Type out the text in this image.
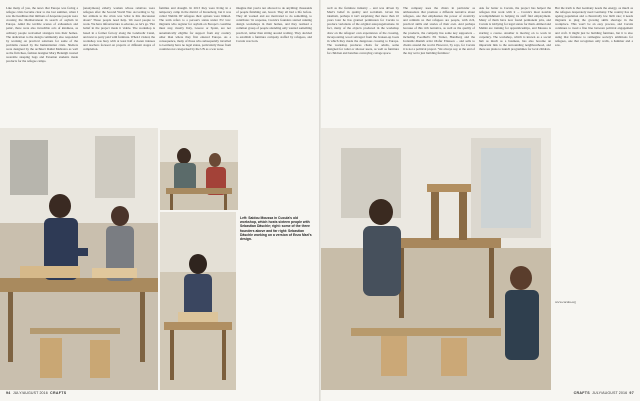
Like many of you, the news that Europe was facing a refugee crisis became clear to me last summer, when I saw the headlines that millions of desperate people were crossing the Mediterranean in search of asylum in Europe. Amid the terrible scenes of exhaustion and panic, there were also incredible acts of kindness, as ordinary people welcomed strangers into their homes. The dedication to the design community also responded by working on practical solutions for some of the problems caused by the humanitarian crisis. Shelters were designed by the architect Rahul Mehrotra as well as the firm Ikea, fashion designer Mary Hennigh created wearable sleeping bags and Estonian students made products for the refugee camps.

(anonymous) elderly woman whose relatives were refugees after the Second World War. According to Sy, her attitude to the crisis was 'what is this discussion about? Those people need help. We need people to work. We have infrastructure to educate, so let's go.' Her belief in the project made it viable. The workshop is based in a former factory along the Landwehr Canal, and next to party paid with furniture. When I visited, the workshop was busy with at least half a dozen trainees and teachers focused on projects at different stages of completion.

families and drought. In 2013 they were living in a temporary camp in the district of Kreuzberg, but it was called 'Dublin III' refugees their options were limited. The term refers to a person's status under EU law: migrants who register for asylum on Europe's coastline must stay, mostly Italy, Greece or Spain, are not automatically eligible for support from any country other than where they first entered Europe. As a consequence, many of those who subsequently travelled to Germany have no legal status, particularly those from countries not categorised by the UN as a war zone.

imagine that you're not allowed to do anything: thousands of people finishing out, bored. They all had a life before. They all worked and are motivated to do something, to contribute.' In response, Cucula's founders started running design workshops in their homes, and they realised a common group of people attending only wanted something practical, rather than sitting around waiting. They decided to establish a furniture company staffed by refugees, and Cucula was born.

Left: Saidou Moussa in Cucula's old workshop, which hosts sixteen people with Sebastian Däschle; right: some of the three founders above and far right: Sebastian Däschle working on a version of Enzo Mari's design.
94 JULY/AUGUST 2016 CRAFTS

well as the furniture industry – and was driven by Mari's belief in quality and socialism. Given his idealism, perhaps it isn't surprising that more than 10 years later he has granted permission for Cucula to produce variations of the original autoprogettazione. In fact, many of the objects produced in the workshop draw on the refugees' own experiences of the crossing, incorporating wood salvaged from the broken-up boats in which they made the dangerous crossing to Europe. The workshop produces chairs for adults, some designed for toilet or shower users, as well as furniture for children and benches conveying cottage space.

The company uses the chairs in particular as ambassadors that promote a different narrative about refugees, one that emphasises the power of creativity and reminds us that refugees are people, with rich, practical skills and stories of their own. And perhaps because of this rich narrative, as well as the quality of the products, the company has some key supporters – including Foodhub's Eli Turner, Handberg and the Icelandic-Danish artist Olafur Eliasson – and sells to clients around the world. However, Sy says, for Cucula it is not a political project. 'We always say, at the end of the day we're just building furniture.'

Ask for better to Cucula, the project has helped the refugees that work with it ... Cucula's most notable accomplishment is helping its staff find employment. Many of them have now found permanent jobs, and Cucula is lobbying for legal status for them. Ahmed and Maliki are training for apprenticeships, and Moussa is starting a course. Another is moving on to work in carpentry. The workshop, which is known as a social hub as much as a business, has also become an important link to the surrounding neighbourhood, and there are plans to launch programmes for local children.

But the truth is that Germany needs the energy, as much as the refugees desperately need Germany. The country has an ageing population and a chronically low birth rate; it needs migrants to plug the growing skills shortage in the workplace. This won't be an easy process, and Cucula continues to tread a fine line between political engagement and craft. It might just be building furniture, but it is also using that furniture to reimagine society's ambitions for refugees, one that recognises only walls, a hammer and a saw.

www.cucula.org

CRAFTS JULY/AUGUST 2016 97
